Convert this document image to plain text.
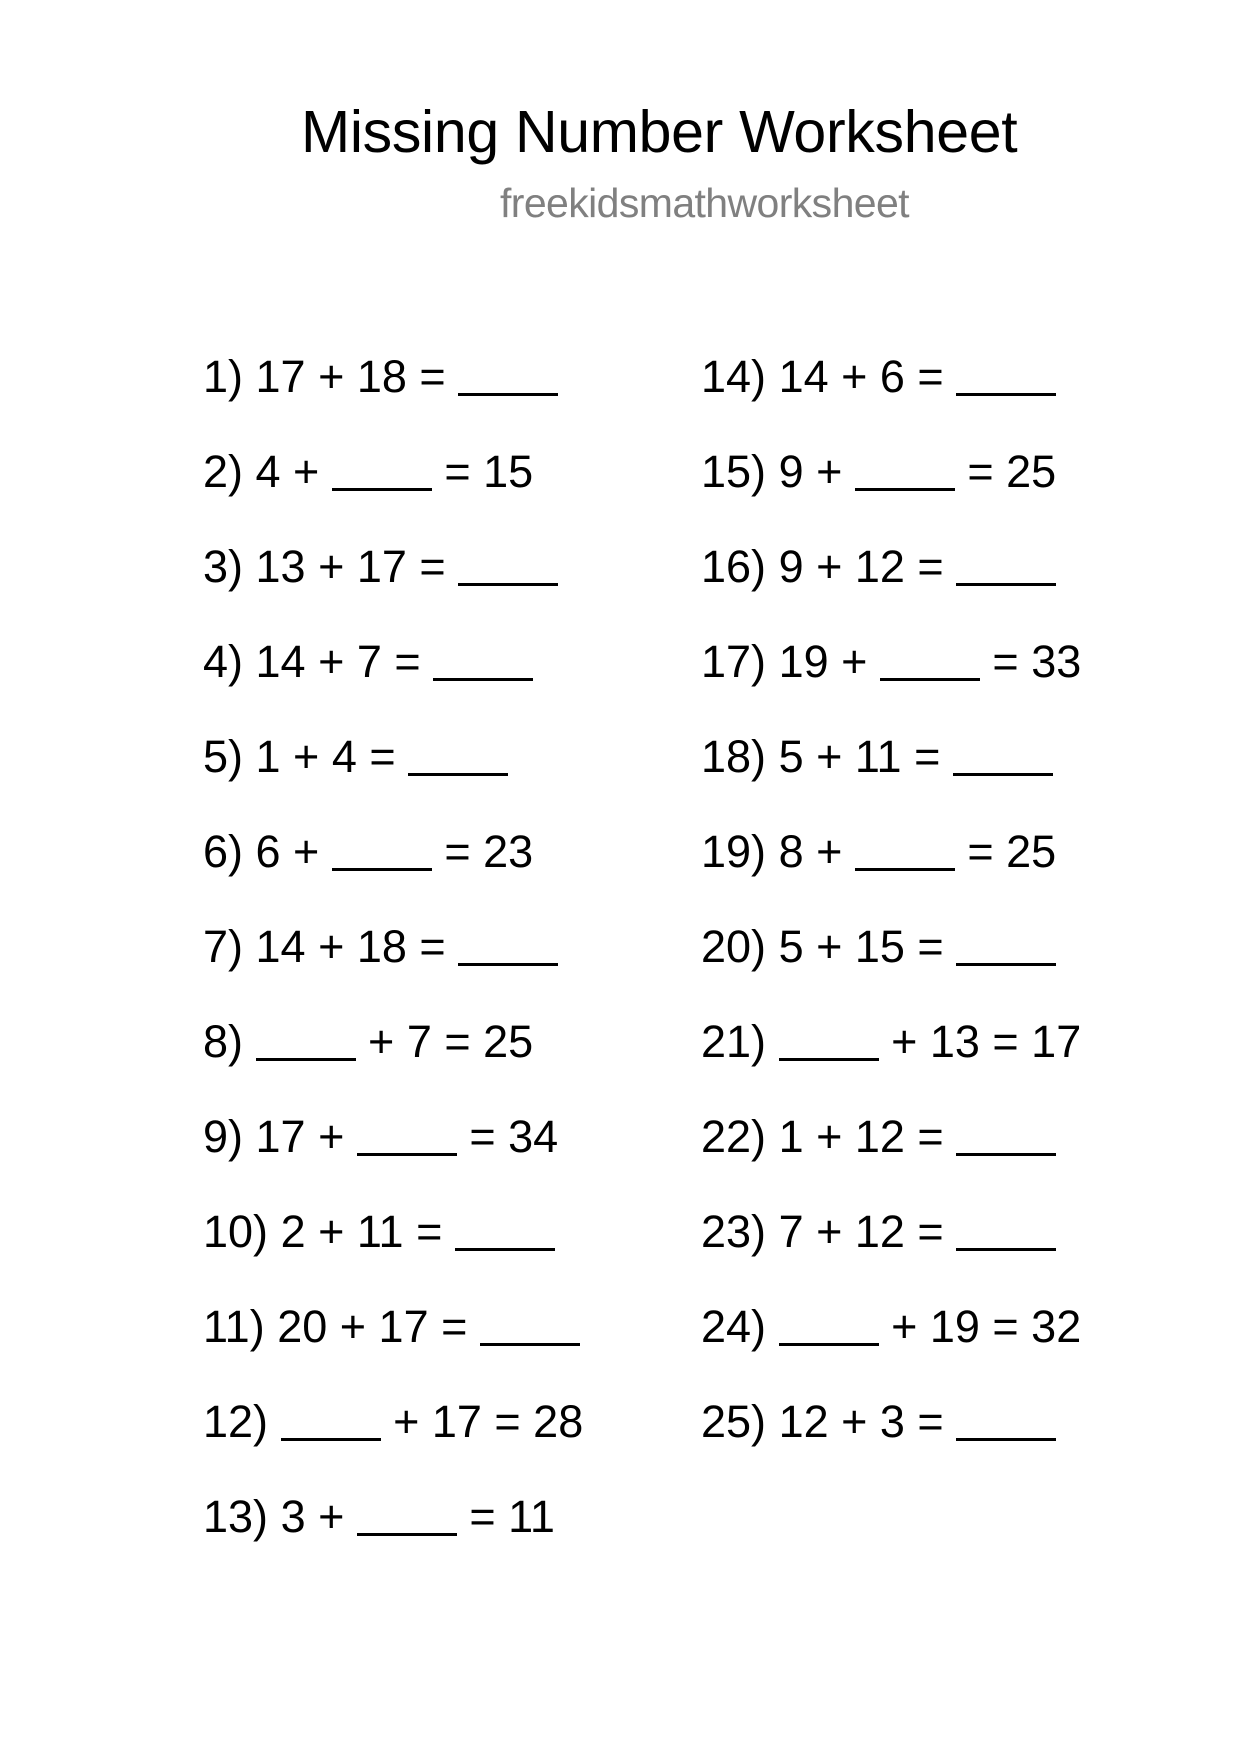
Missing Number Worksheet
freekidsmathworksheet
1) 17 + 18 =
2) 4 +  = 15
3) 13 + 17 =
4) 14 + 7 =
5) 1 + 4 =
6) 6 +  = 23
7) 14 + 18 =
8)	+ 7 = 25
9) 17 +  = 34
10) 2 + 11 =
11) 20 + 17 =
12)	+ 17 = 28
13) 3 +  = 11
14) 14 + 6 =
15) 9 +  = 25
16) 9 + 12 =
17) 19 +  = 33
18) 5 + 11 =
19) 8 +  = 25
20) 5 + 15 =
21)	+ 13 = 17
22) 1 + 12 =
23) 7 + 12 =
24)	+ 19 = 32
25) 12 + 3 =
